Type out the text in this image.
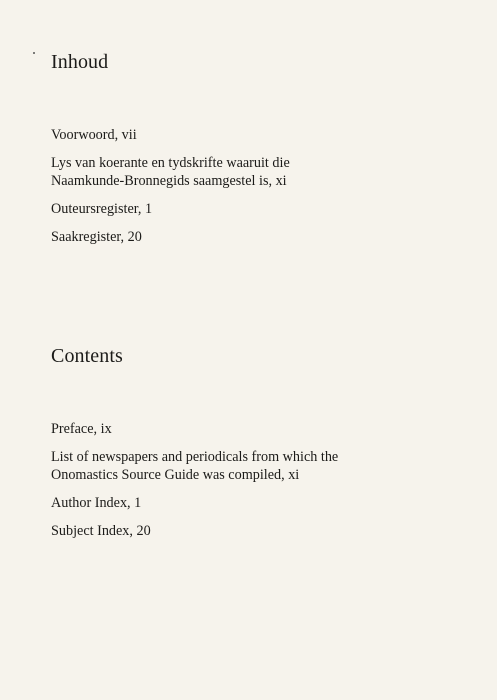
Inhoud
Voorwoord, vii
Lys van koerante en tydskrifte waaruit die
Naamkunde-Bronnegids saamgestel is, xi
Outeursregister, 1
Saakregister, 20
Contents
Preface, ix
List of newspapers and periodicals from which the
Onomastics Source Guide was compiled, xi
Author Index, 1
Subject Index, 20
